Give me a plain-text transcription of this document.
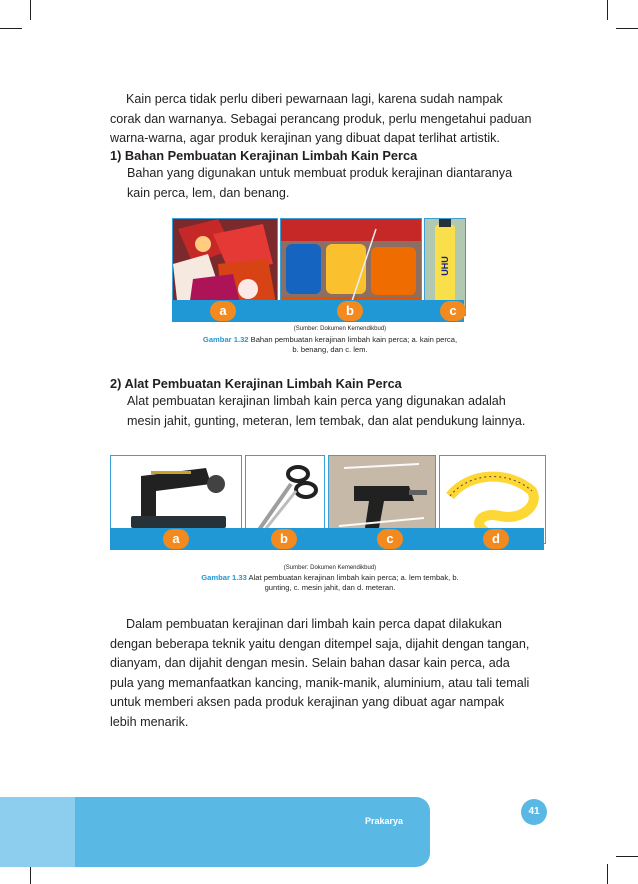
Kain perca tidak perlu diberi pewarnaan lagi, karena sudah nampak
corak dan warnanya. Sebagai perancang produk, perlu mengetahui paduan
warna-warna, agar produk kerajinan yang dibuat dapat terlihat artistik.
1) Bahan Pembuatan Kerajinan Limbah Kain Perca
Bahan yang digunakan untuk membuat produk kerajinan diantaranya
kain perca, lem, dan benang.
UHU
a	b	c
(Sumber: Dokumen Kemendikbud)
Gambar 1.32 Bahan pembuatan kerajinan limbah kain perca; a. kain perca,
b. benang, dan c. lem.
2) Alat Pembuatan Kerajinan Limbah Kain Perca
Alat pembuatan kerajinan limbah kain perca yang digunakan adalah
mesin jahit, gunting, meteran, lem tembak, dan alat pendukung lainnya.
a	b	c	d
(Sumber: Dokumen Kemendikbud)
Gambar 1.33 Alat pembuatan kerajinan limbah kain perca; a. lem tembak, b.
gunting, c. mesin jahit, dan d. meteran.
Dalam pembuatan kerajinan dari limbah kain perca dapat dilakukan
dengan beberapa teknik yaitu dengan ditempel saja, dijahit dengan tangan,
dianyam, dan dijahit dengan mesin. Selain bahan dasar kain perca, ada
pula yang memanfaatkan kancing, manik-manik, aluminium, atau tali temali
untuk memberi aksen pada produk kerajinan yang dibuat agar nampak
lebih menarik.
Prakarya
41
